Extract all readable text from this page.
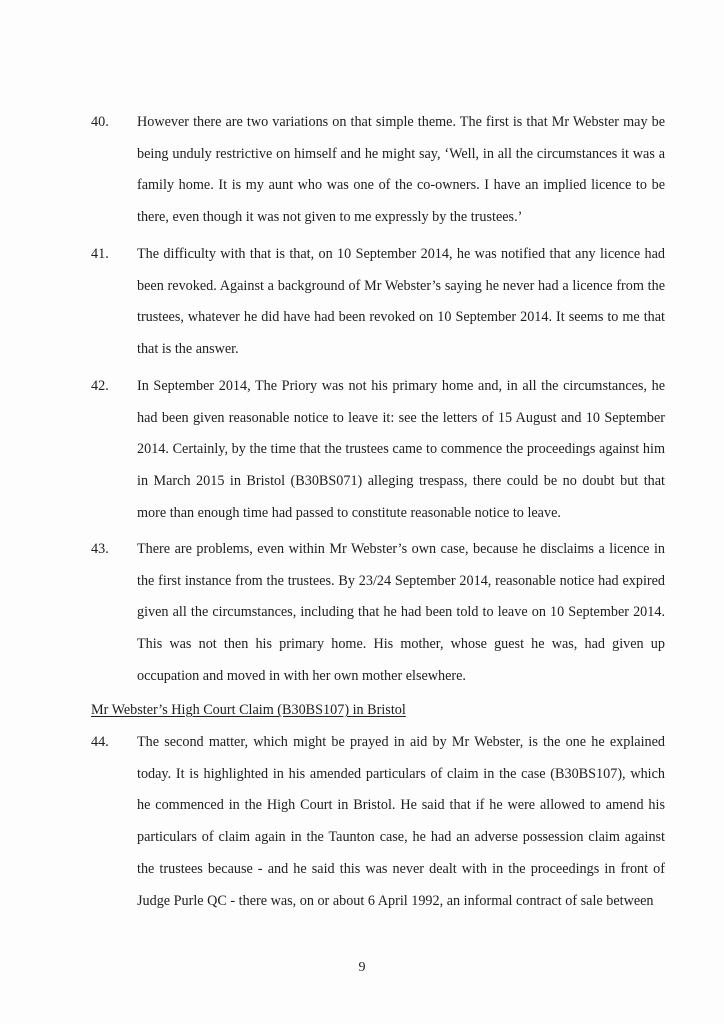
40. However there are two variations on that simple theme. The first is that Mr Webster may be being unduly restrictive on himself and he might say, ‘Well, in all the circumstances it was a family home. It is my aunt who was one of the co-owners. I have an implied licence to be there, even though it was not given to me expressly by the trustees.’
41. The difficulty with that is that, on 10 September 2014, he was notified that any licence had been revoked. Against a background of Mr Webster’s saying he never had a licence from the trustees, whatever he did have had been revoked on 10 September 2014. It seems to me that that is the answer.
42. In September 2014, The Priory was not his primary home and, in all the circumstances, he had been given reasonable notice to leave it: see the letters of 15 August and 10 September 2014. Certainly, by the time that the trustees came to commence the proceedings against him in March 2015 in Bristol (B30BS071) alleging trespass, there could be no doubt but that more than enough time had passed to constitute reasonable notice to leave.
43. There are problems, even within Mr Webster’s own case, because he disclaims a licence in the first instance from the trustees. By 23/24 September 2014, reasonable notice had expired given all the circumstances, including that he had been told to leave on 10 September 2014. This was not then his primary home. His mother, whose guest he was, had given up occupation and moved in with her own mother elsewhere.
Mr Webster’s High Court Claim (B30BS107) in Bristol
44. The second matter, which might be prayed in aid by Mr Webster, is the one he explained today. It is highlighted in his amended particulars of claim in the case (B30BS107), which he commenced in the High Court in Bristol. He said that if he were allowed to amend his particulars of claim again in the Taunton case, he had an adverse possession claim against the trustees because - and he said this was never dealt with in the proceedings in front of Judge Purle QC - there was, on or about 6 April 1992, an informal contract of sale between
9
